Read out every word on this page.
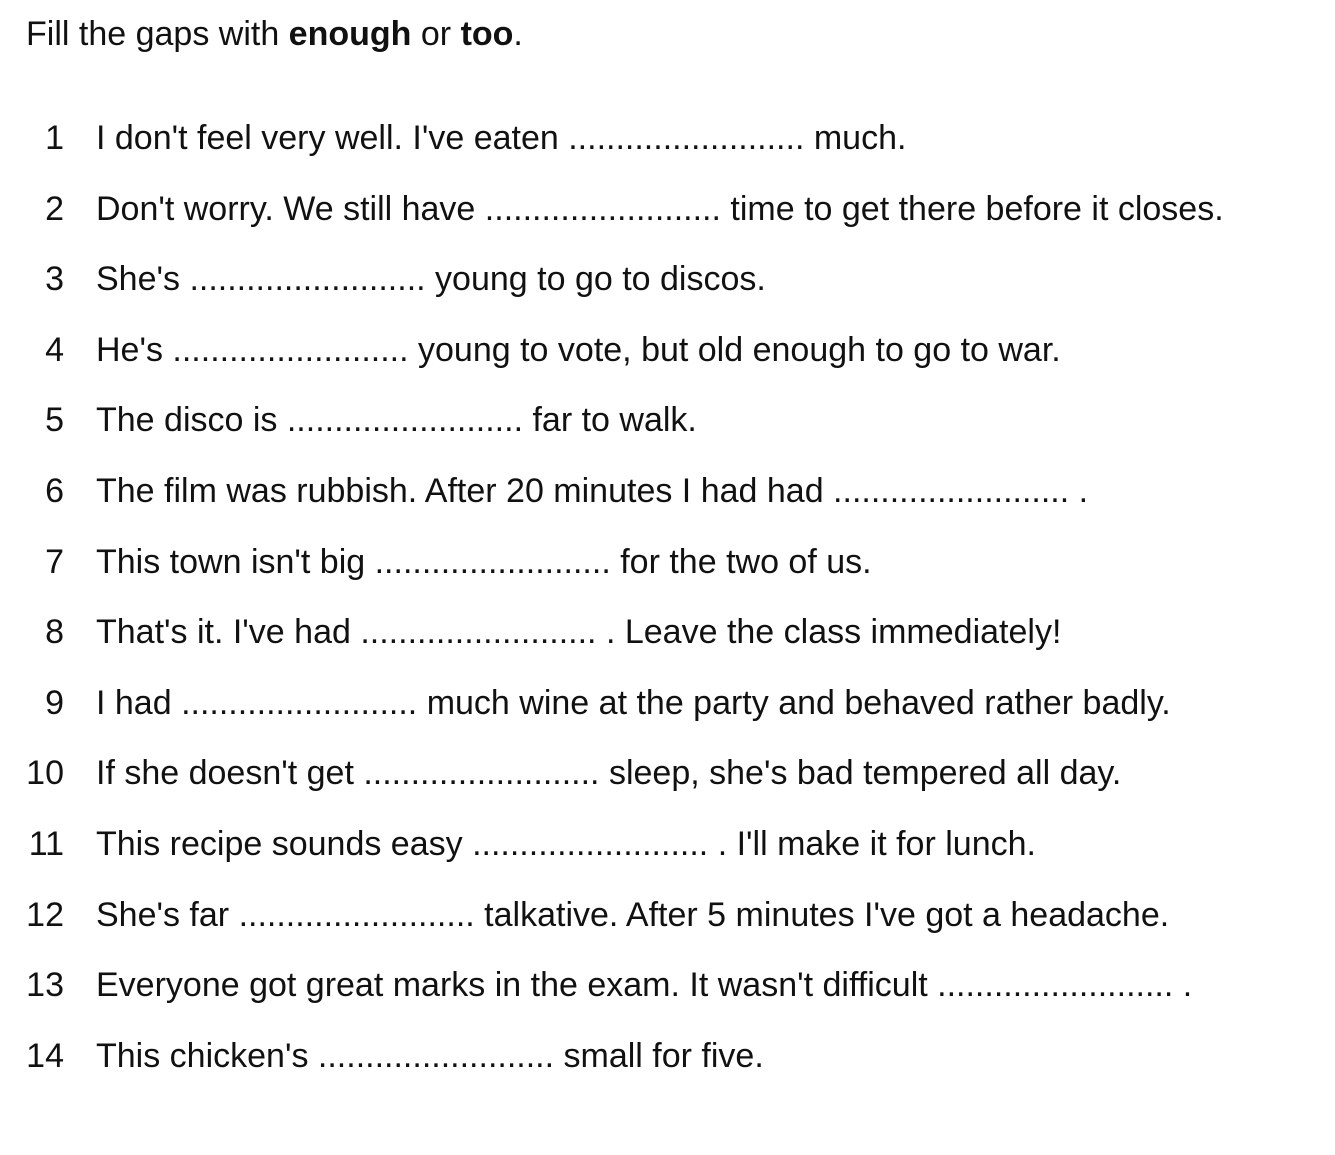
Fill the gaps with enough or too.
1 I don't feel very well. I've eaten ......................... much.
2 Don't worry. We still have ......................... time to get there before it closes.
3 She's ......................... young to go to discos.
4 He's ......................... young to vote, but old enough to go to war.
5 The disco is ......................... far to walk.
6 The film was rubbish. After 20 minutes I had had ......................... .
7 This town isn't big ......................... for the two of us.
8 That's it. I've had ......................... . Leave the class immediately!
9 I had ......................... much wine at the party and behaved rather badly.
10 If she doesn't get ......................... sleep, she's bad tempered all day.
11 This recipe sounds easy ......................... . I'll make it for lunch.
12 She's far ......................... talkative. After 5 minutes I've got a headache.
13 Everyone got great marks in the exam. It wasn't difficult ......................... .
14 This chicken's ......................... small for five.
